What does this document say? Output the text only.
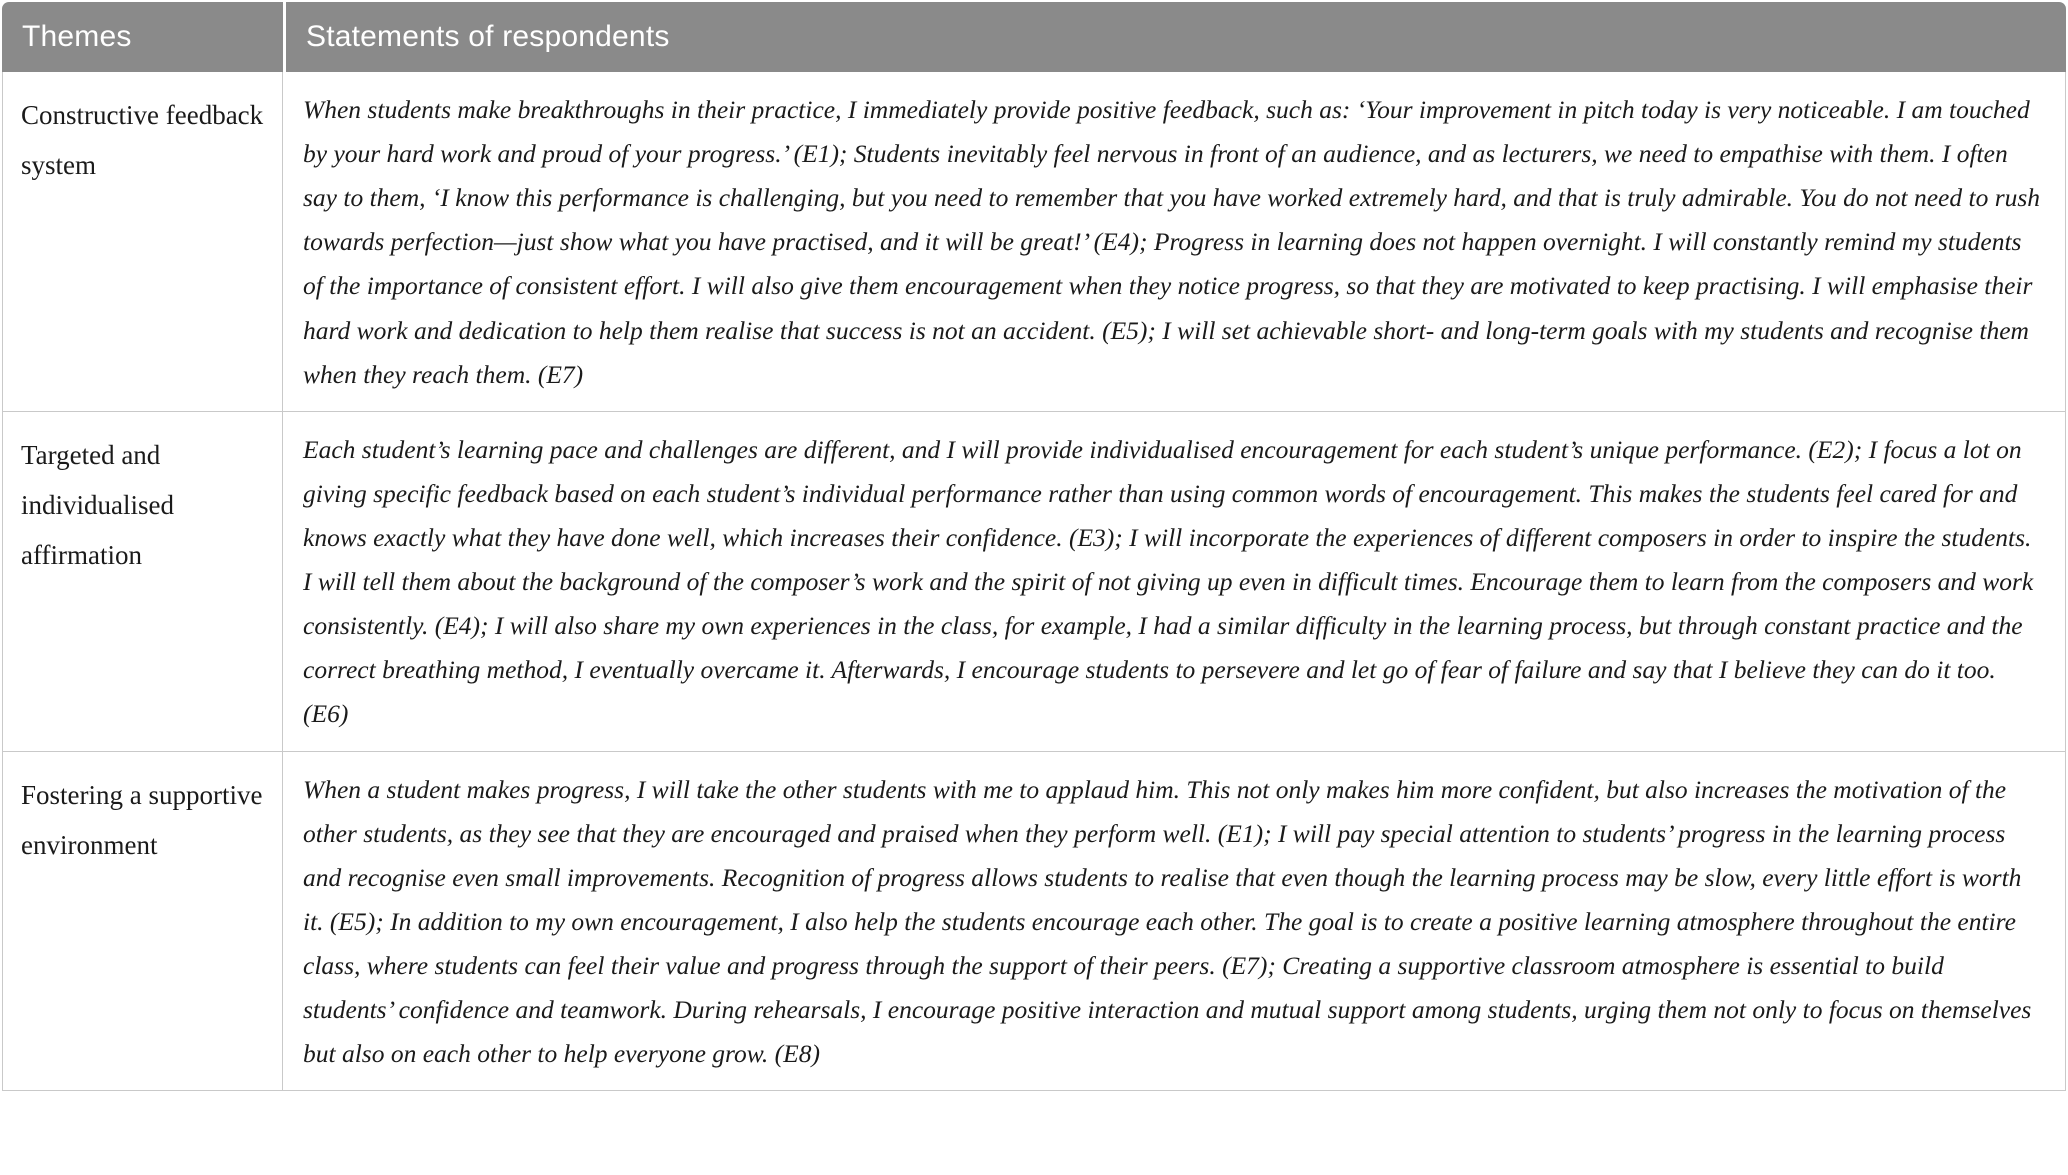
Themes	Statements of respondents
Constructive feedback system	When students make breakthroughs in their practice, I immediately provide positive feedback, such as: ‘Your improvement in pitch today is very noticeable. I am touched by your hard work and proud of your progress.’ (E1); Students inevitably feel nervous in front of an audience, and as lecturers, we need to empathise with them. I often say to them, ‘I know this performance is challenging, but you need to remember that you have worked extremely hard, and that is truly admirable. You do not need to rush towards perfection—just show what you have practised, and it will be great!’ (E4); Progress in learning does not happen overnight. I will constantly remind my students of the importance of consistent effort. I will also give them encouragement when they notice progress, so that they are motivated to keep practising. I will emphasise their hard work and dedication to help them realise that success is not an accident. (E5); I will set achievable short- and long-term goals with my students and recognise them when they reach them. (E7)
Targeted and individualised affirmation	Each student’s learning pace and challenges are different, and I will provide individualised encouragement for each student’s unique performance. (E2); I focus a lot on giving specific feedback based on each student’s individual performance rather than using common words of encouragement. This makes the students feel cared for and knows exactly what they have done well, which increases their confidence. (E3); I will incorporate the experiences of different composers in order to inspire the students. I will tell them about the background of the composer’s work and the spirit of not giving up even in difficult times. Encourage them to learn from the composers and work consistently. (E4); I will also share my own experiences in the class, for example, I had a similar difficulty in the learning process, but through constant practice and the correct breathing method, I eventually overcame it. Afterwards, I encourage students to persevere and let go of fear of failure and say that I believe they can do it too. (E6)
Fostering a supportive environment	When a student makes progress, I will take the other students with me to applaud him. This not only makes him more confident, but also increases the motivation of the other students, as they see that they are encouraged and praised when they perform well. (E1); I will pay special attention to students’ progress in the learning process and recognise even small improvements. Recognition of progress allows students to realise that even though the learning process may be slow, every little effort is worth it. (E5); In addition to my own encouragement, I also help the students encourage each other. The goal is to create a positive learning atmosphere throughout the entire class, where students can feel their value and progress through the support of their peers. (E7); Creating a supportive classroom atmosphere is essential to build students’ confidence and teamwork. During rehearsals, I encourage positive interaction and mutual support among students, urging them not only to focus on themselves but also on each other to help everyone grow. (E8)
